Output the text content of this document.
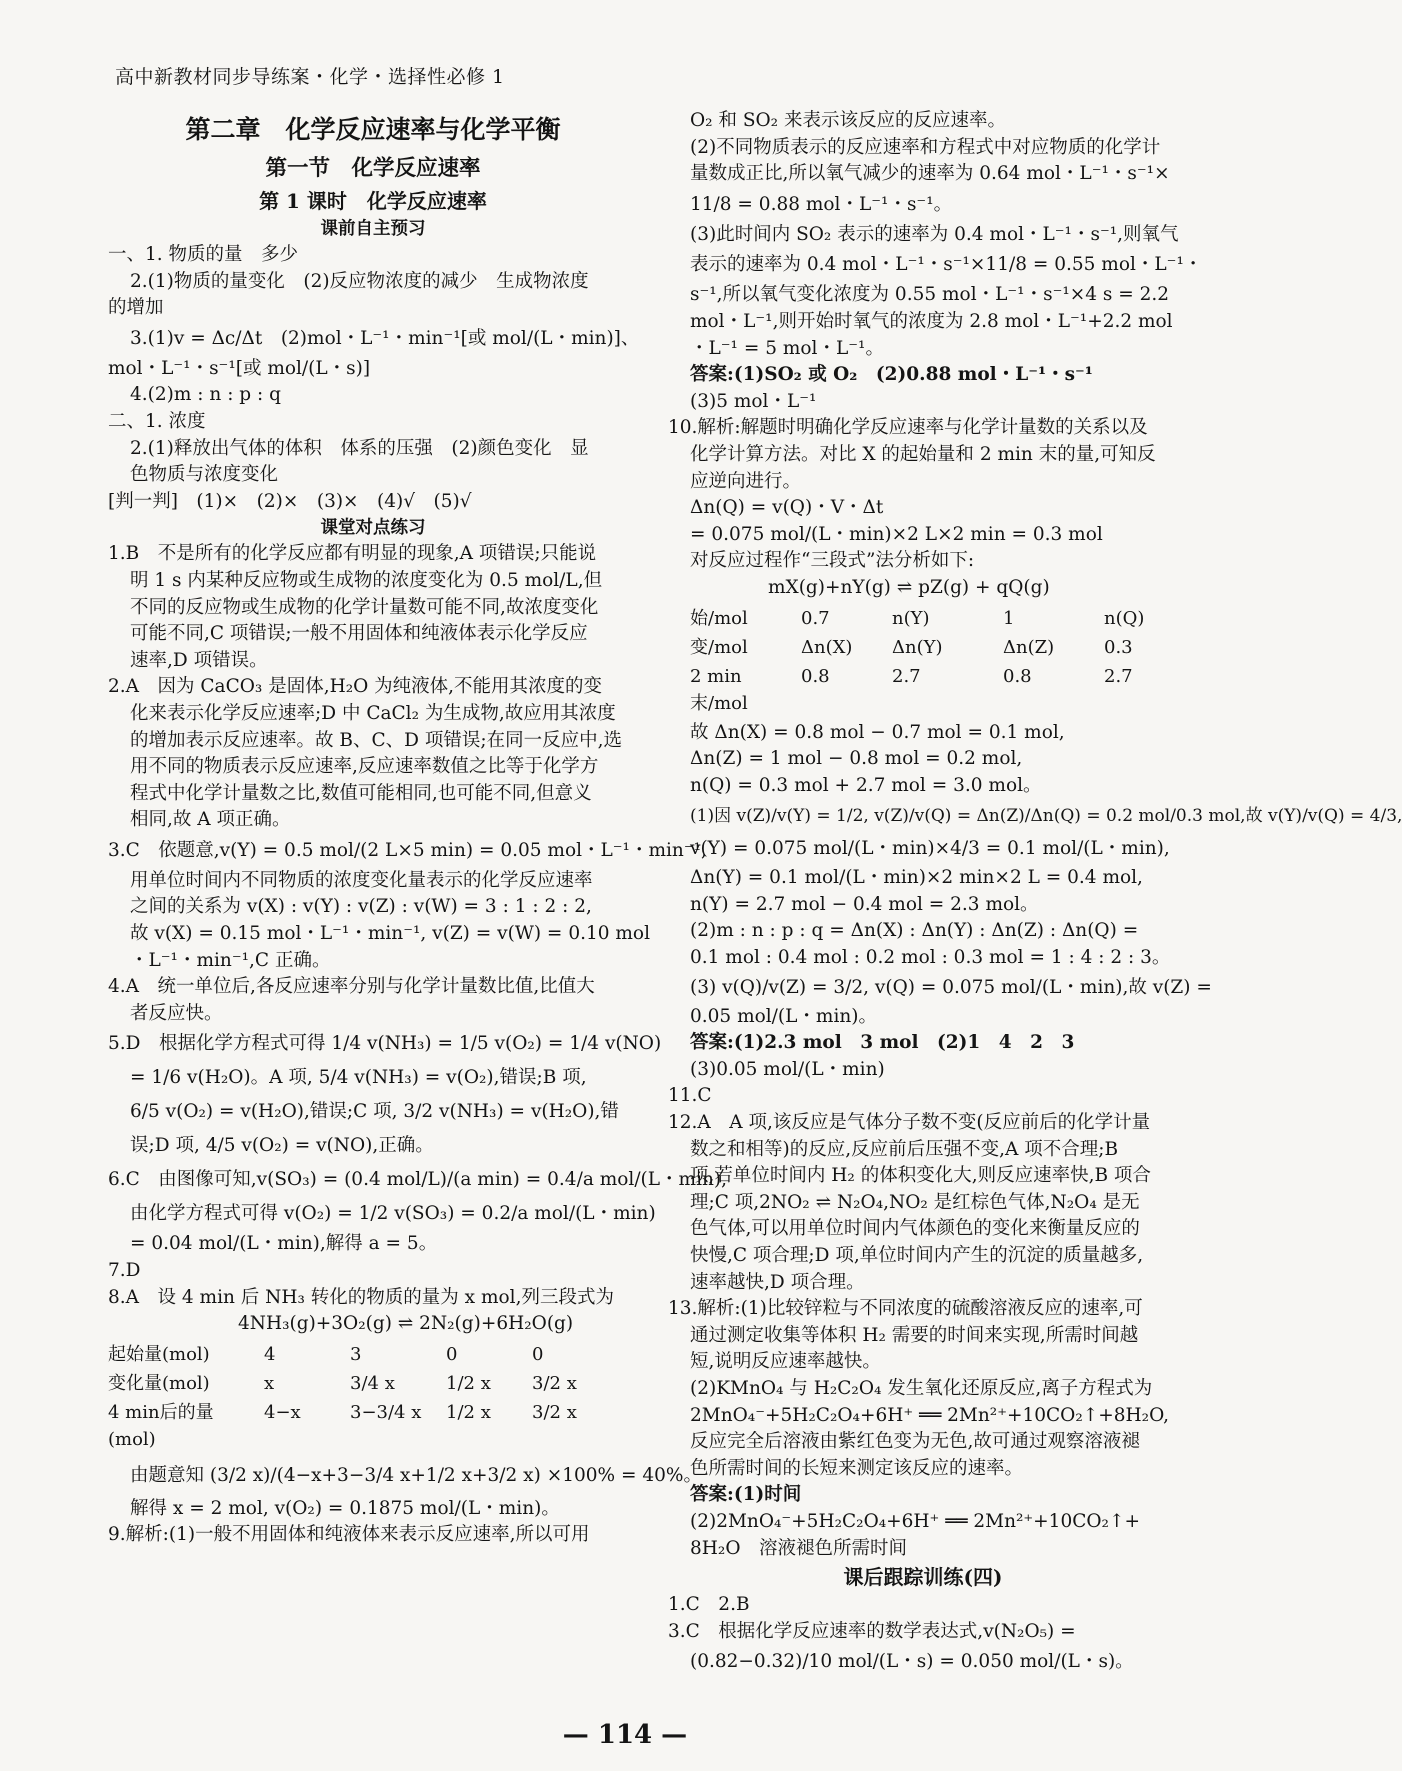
高中新教材同步导练案・化学・选择性必修 1
第二章　化学反应速率与化学平衡
第一节　化学反应速率
第 1 课时　化学反应速率
课前自主预习
一、1. 物质的量　多少
2.(1)物质的量变化　(2)反应物浓度的减少　生成物浓度
的增加
3.(1)v = Δc/Δt　(2)mol・L⁻¹・min⁻¹[或 mol/(L・min)]、
mol・L⁻¹・s⁻¹[或 mol/(L・s)]
4.(2)m : n : p : q
二、1. 浓度
2.(1)释放出气体的体积　体系的压强　(2)颜色变化　显
色物质与浓度变化
[判一判]　(1)×　(2)×　(3)×　(4)√　(5)√
课堂对点练习
1.B　不是所有的化学反应都有明显的现象,A 项错误;只能说
明 1 s 内某种反应物或生成物的浓度变化为 0.5 mol/L,但
不同的反应物或生成物的化学计量数可能不同,故浓度变化
可能不同,C 项错误;一般不用固体和纯液体表示化学反应
速率,D 项错误。
2.A　因为 CaCO₃ 是固体,H₂O 为纯液体,不能用其浓度的变
化来表示化学反应速率;D 中 CaCl₂ 为生成物,故应用其浓度
的增加表示反应速率。故 B、C、D 项错误;在同一反应中,选
用不同的物质表示反应速率,反应速率数值之比等于化学方
程式中化学计量数之比,数值可能相同,也可能不同,但意义
相同,故 A 项正确。
3.C　依题意,v(Y) = 0.5 mol/(2 L×5 min) = 0.05 mol・L⁻¹・min⁻¹,
用单位时间内不同物质的浓度变化量表示的化学反应速率
之间的关系为 v(X) : v(Y) : v(Z) : v(W) = 3 : 1 : 2 : 2,
故 v(X) = 0.15 mol・L⁻¹・min⁻¹, v(Z) = v(W) = 0.10 mol
・L⁻¹・min⁻¹,C 正确。
4.A　统一单位后,各反应速率分别与化学计量数比值,比值大
者反应快。
5.D　根据化学方程式可得 1/4 v(NH₃) = 1/5 v(O₂) = 1/4 v(NO)
= 1/6 v(H₂O)。A 项, 5/4 v(NH₃) = v(O₂),错误;B 项,
6/5 v(O₂) = v(H₂O),错误;C 项, 3/2 v(NH₃) = v(H₂O),错
误;D 项, 4/5 v(O₂) = v(NO),正确。
6.C　由图像可知,v(SO₃) = (0.4 mol/L)/(a min) = 0.4/a mol/(L・min),
由化学方程式可得 v(O₂) = 1/2 v(SO₃) = 0.2/a mol/(L・min)
= 0.04 mol/(L・min),解得 a = 5。
7.D
8.A　设 4 min 后 NH₃ 转化的物质的量为 x mol,列三段式为
4NH₃(g)+3O₂(g) ⇌ 2N₂(g)+6H₂O(g)
起始量(mol)	4	3	0	0
变化量(mol)	x	3/4 x	1/2 x	3/2 x
4 min后的量(mol)	4−x	3−3/4 x	1/2 x	3/2 x
由题意知 (3/2 x)/(4−x+3−3/4 x+1/2 x+3/2 x) ×100% = 40%。
解得 x = 2 mol, v(O₂) = 0.1875 mol/(L・min)。
9.解析:(1)一般不用固体和纯液体来表示反应速率,所以可用
O₂ 和 SO₂ 来表示该反应的反应速率。
(2)不同物质表示的反应速率和方程式中对应物质的化学计
量数成正比,所以氧气减少的速率为 0.64 mol・L⁻¹・s⁻¹×
11/8 = 0.88 mol・L⁻¹・s⁻¹。
(3)此时间内 SO₂ 表示的速率为 0.4 mol・L⁻¹・s⁻¹,则氧气
表示的速率为 0.4 mol・L⁻¹・s⁻¹×11/8 = 0.55 mol・L⁻¹・
s⁻¹,所以氧气变化浓度为 0.55 mol・L⁻¹・s⁻¹×4 s = 2.2
mol・L⁻¹,则开始时氧气的浓度为 2.8 mol・L⁻¹+2.2 mol
・L⁻¹ = 5 mol・L⁻¹。
答案:(1)SO₂ 或 O₂　(2)0.88 mol・L⁻¹・s⁻¹
(3)5 mol・L⁻¹
10.解析:解题时明确化学反应速率与化学计量数的关系以及
化学计算方法。对比 X 的起始量和 2 min 末的量,可知反
应逆向进行。
Δn(Q) = v(Q)・V・Δt
= 0.075 mol/(L・min)×2 L×2 min = 0.3 mol
对反应过程作“三段式”法分析如下:
mX(g)+nY(g) ⇌ pZ(g) + qQ(g)
始/mol	0.7	n(Y)	1	n(Q)
变/mol	Δn(X)	Δn(Y)	Δn(Z)	0.3
2 min末/mol	0.8	2.7	0.8	2.7
故 Δn(X) = 0.8 mol − 0.7 mol = 0.1 mol,
Δn(Z) = 1 mol − 0.8 mol = 0.2 mol,
n(Q) = 0.3 mol + 2.7 mol = 3.0 mol。
(1)因 v(Z)/v(Y) = 1/2, v(Z)/v(Q) = Δn(Z)/Δn(Q) = 0.2 mol/0.3 mol,故 v(Y)/v(Q) = 4/3,
v(Y) = 0.075 mol/(L・min)×4/3 = 0.1 mol/(L・min),
Δn(Y) = 0.1 mol/(L・min)×2 min×2 L = 0.4 mol,
n(Y) = 2.7 mol − 0.4 mol = 2.3 mol。
(2)m : n : p : q = Δn(X) : Δn(Y) : Δn(Z) : Δn(Q) =
0.1 mol : 0.4 mol : 0.2 mol : 0.3 mol = 1 : 4 : 2 : 3。
(3) v(Q)/v(Z) = 3/2, v(Q) = 0.075 mol/(L・min),故 v(Z) =
0.05 mol/(L・min)。
答案:(1)2.3 mol　3 mol　(2)1　4　2　3
(3)0.05 mol/(L・min)
11.C
12.A　A 项,该反应是气体分子数不变(反应前后的化学计量
数之和相等)的反应,反应前后压强不变,A 项不合理;B
项,若单位时间内 H₂ 的体积变化大,则反应速率快,B 项合
理;C 项,2NO₂ ⇌ N₂O₄,NO₂ 是红棕色气体,N₂O₄ 是无
色气体,可以用单位时间内气体颜色的变化来衡量反应的
快慢,C 项合理;D 项,单位时间内产生的沉淀的质量越多,
速率越快,D 项合理。
13.解析:(1)比较锌粒与不同浓度的硫酸溶液反应的速率,可
通过测定收集等体积 H₂ 需要的时间来实现,所需时间越
短,说明反应速率越快。
(2)KMnO₄ 与 H₂C₂O₄ 发生氧化还原反应,离子方程式为
2MnO₄⁻+5H₂C₂O₄+6H⁺ ══ 2Mn²⁺+10CO₂↑+8H₂O,
反应完全后溶液由紫红色变为无色,故可通过观察溶液褪
色所需时间的长短来测定该反应的速率。
答案:(1)时间
(2)2MnO₄⁻+5H₂C₂O₄+6H⁺ ══ 2Mn²⁺+10CO₂↑+
8H₂O　溶液褪色所需时间
课后跟踪训练(四)
1.C　2.B
3.C　根据化学反应速率的数学表达式,v(N₂O₅) =
(0.82−0.32)/10 mol/(L・s) = 0.050 mol/(L・s)。
— 114 —
